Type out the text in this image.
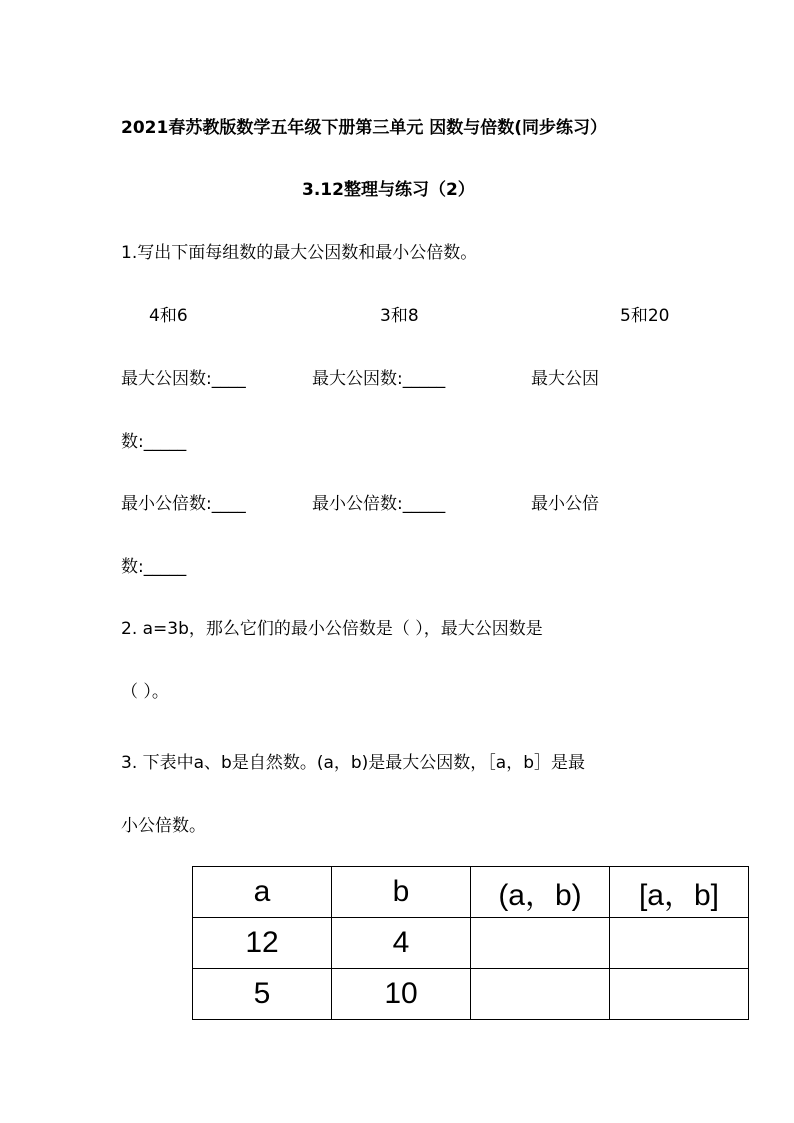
2021春苏教版数学五年级下册第三单元 因数与倍数(同步练习）
3.12整理与练习（2）
1.写出下面每组数的最大公因数和最小公倍数。
4和6	3和8	5和20
最大公因数:____	最大公因数:_____	最大公因
数:_____
最小公倍数:____	最小公倍数:_____	最小公倍
数:_____
2. a=3b，那么它们的最小公倍数是（ ），最大公因数是
（ ）。
3. 下表中a、b是自然数。(a，b)是最大公因数，［a，b］是最
小公倍数。
a	b	(a，b)	[a，b]
12	4		
5	10		
